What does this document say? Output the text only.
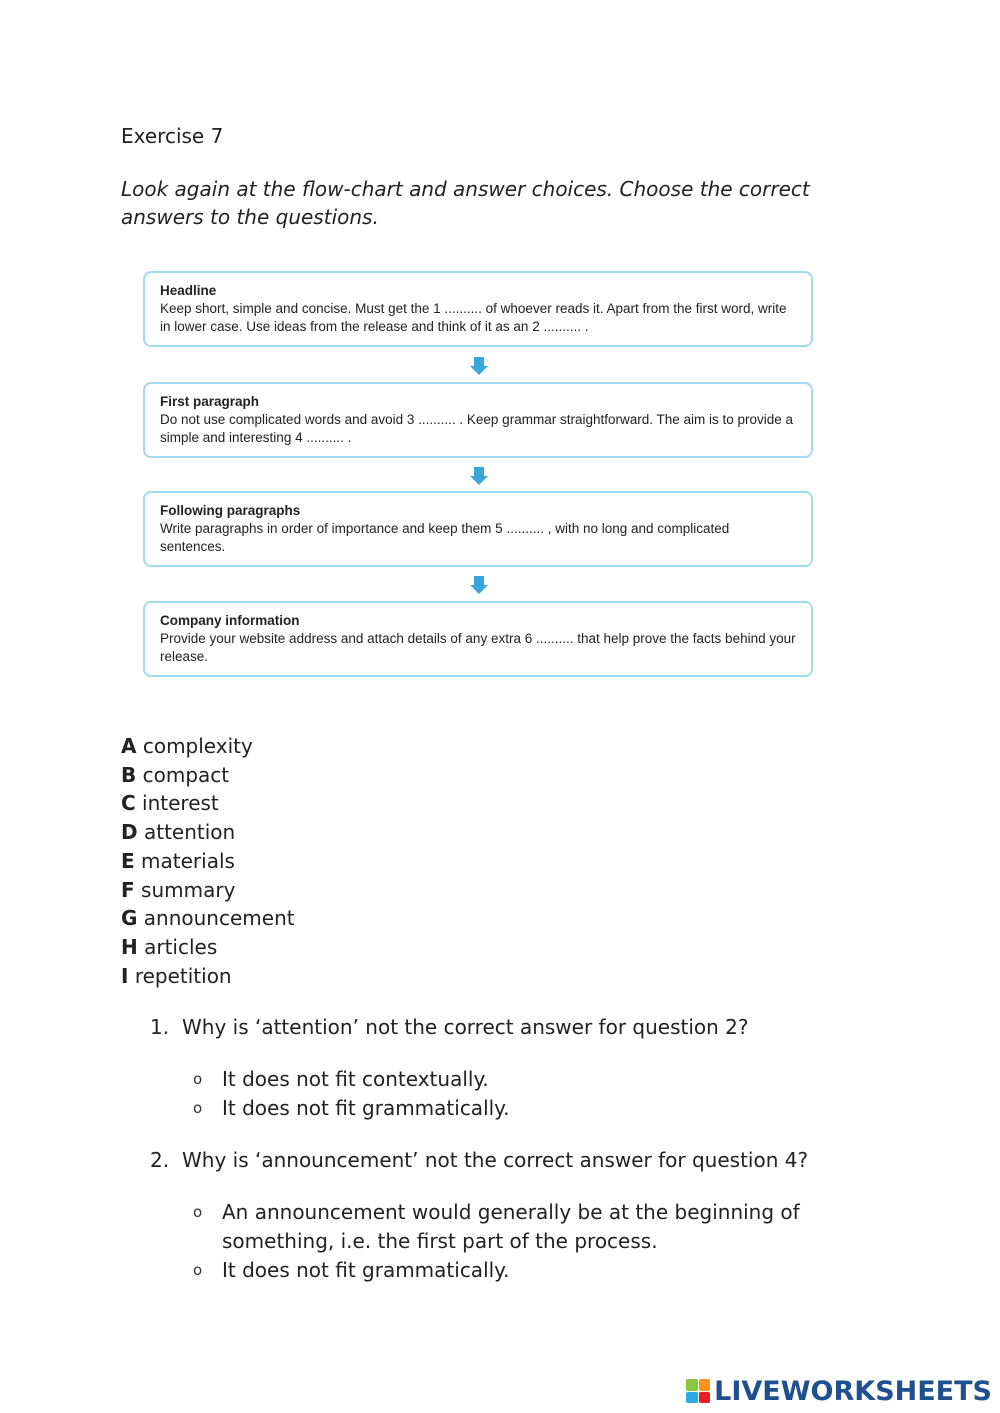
Exercise 7
Look again at the flow-chart and answer choices. Choose the correct answers to the questions.
Headline
Keep short, simple and concise. Must get the 1 .......... of whoever reads it. Apart from the first word, write in lower case. Use ideas from the release and think of it as an 2 .......... .
First paragraph
Do not use complicated words and avoid 3 .......... . Keep grammar straightforward. The aim is to provide a simple and interesting 4 .......... .
Following paragraphs
Write paragraphs in order of importance and keep them 5 .......... , with no long and complicated sentences.
Company information
Provide your website address and attach details of any extra 6 .......... that help prove the facts behind your release.
A complexity
B compact
C interest
D attention
E materials
F summary
G announcement
H articles
I repetition
1. Why is ‘attention’ not the correct answer for question 2?
o It does not fit contextually.
o It does not fit grammatically.
2. Why is ‘announcement’ not the correct answer for question 4?
o An announcement would generally be at the beginning of something, i.e. the first part of the process.
o It does not fit grammatically.
LIVEWORKSHEETS
